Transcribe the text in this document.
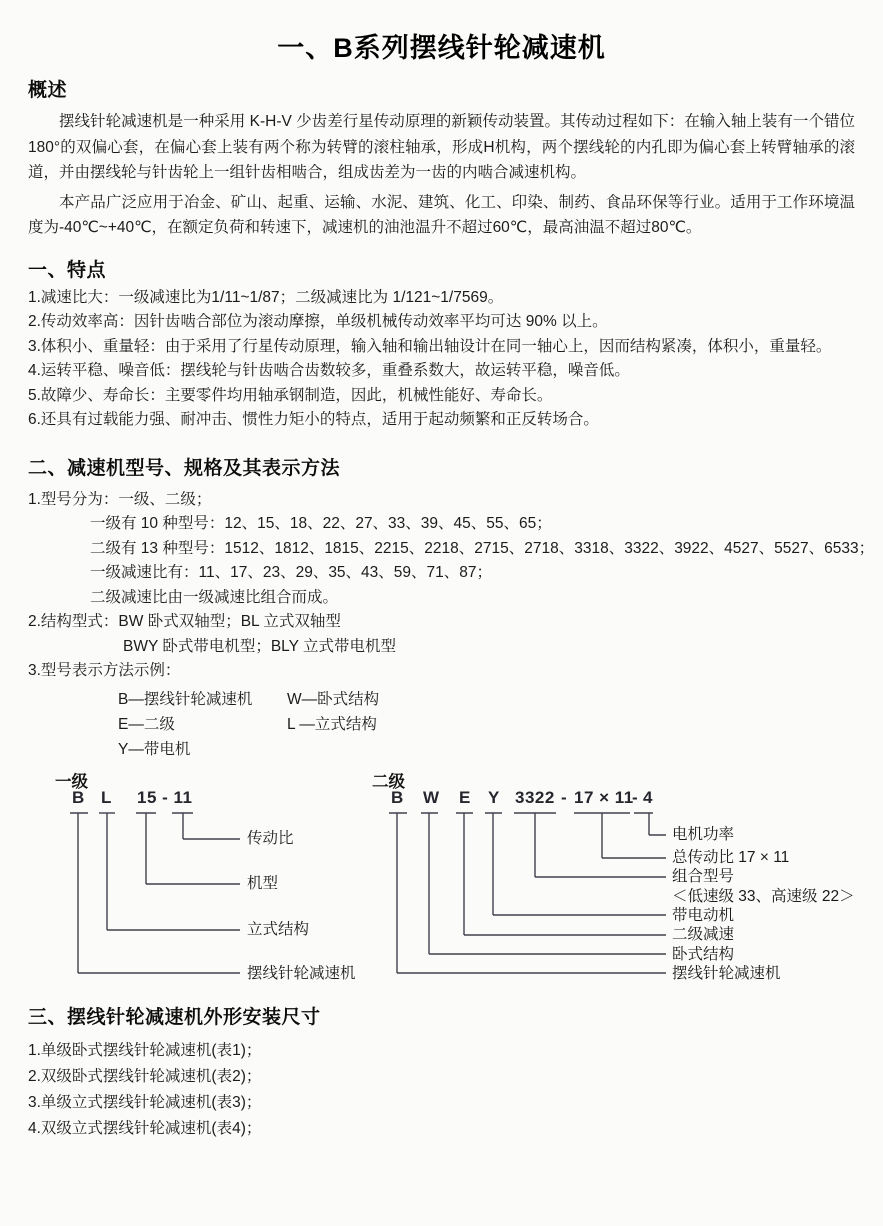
一、B系列摆线针轮减速机
概述

摆线针轮减速机是一种采用 K-H-V 少齿差行星传动原理的新颖传动装置。其传动过程如下：在输入轴上装有一个错位180°的双偏心套，在偏心套上装有两个称为转臂的滚柱轴承，形成H机构，两个摆线轮的内孔即为偏心套上转臂轴承的滚道，并由摆线轮与针齿轮上一组针齿相啮合，组成齿差为一齿的内啮合减速机构。

本产品广泛应用于冶金、矿山、起重、运输、水泥、建筑、化工、印染、制药、食品环保等行业。适用于工作环境温度为-40℃~+40℃，在额定负荷和转速下，减速机的油池温升不超过60℃，最高油温不超过80℃。

一、特点

1.减速比大：一级减速比为1/11~1/87；二级减速比为 1/121~1/7569。

2.传动效率高：因针齿啮合部位为滚动摩擦，单级机械传动效率平均可达 90% 以上。

3.体积小、重量轻：由于采用了行星传动原理，输入轴和输出轴设计在同一轴心上，因而结构紧凑，体积小，重量轻。

4.运转平稳、噪音低：摆线轮与针齿啮合齿数较多，重叠系数大，故运转平稳，噪音低。

5.故障少、寿命长：主要零件均用轴承钢制造，因此，机械性能好、寿命长。

6.还具有过载能力强、耐冲击、惯性力矩小的特点，适用于起动频繁和正反转场合。

二、减速机型号、规格及其表示方法

1.型号分为：一级、二级；

一级有 10 种型号：12、15、18、22、27、33、39、45、55、65；

二级有 13 种型号：1512、1812、1815、2215、2218、2715、2718、3318、3322、3922、4527、5527、6533；

一级减速比有：11、17、23、29、35、43、59、71、87；

二级减速比由一级减速比组合而成。

2.结构型式：BW 卧式双轴型；BL 立式双轴型

BWY 卧式带电机型；BLY 立式带电机型

3.型号表示方法示例：

B—摆线针轮减速机	W—卧式结构
E—二级	L —立式结构
Y—带电机
一级
B L 15 - 11
传动比
机型
立式结构
摆线针轮减速机
二级
B W E Y 3322 - 17 × 11
- 4
电机功率
总传动比 17 × 11
组合型号
＜低速级 33、高速级 22＞
带电动机
二级减速
卧式结构
摆线针轮减速机
三、摆线针轮减速机外形安装尺寸

1.单级卧式摆线针轮减速机(表1)；

2.双级卧式摆线针轮减速机(表2)；

3.单级立式摆线针轮减速机(表3)；

4.双级立式摆线针轮减速机(表4)；
